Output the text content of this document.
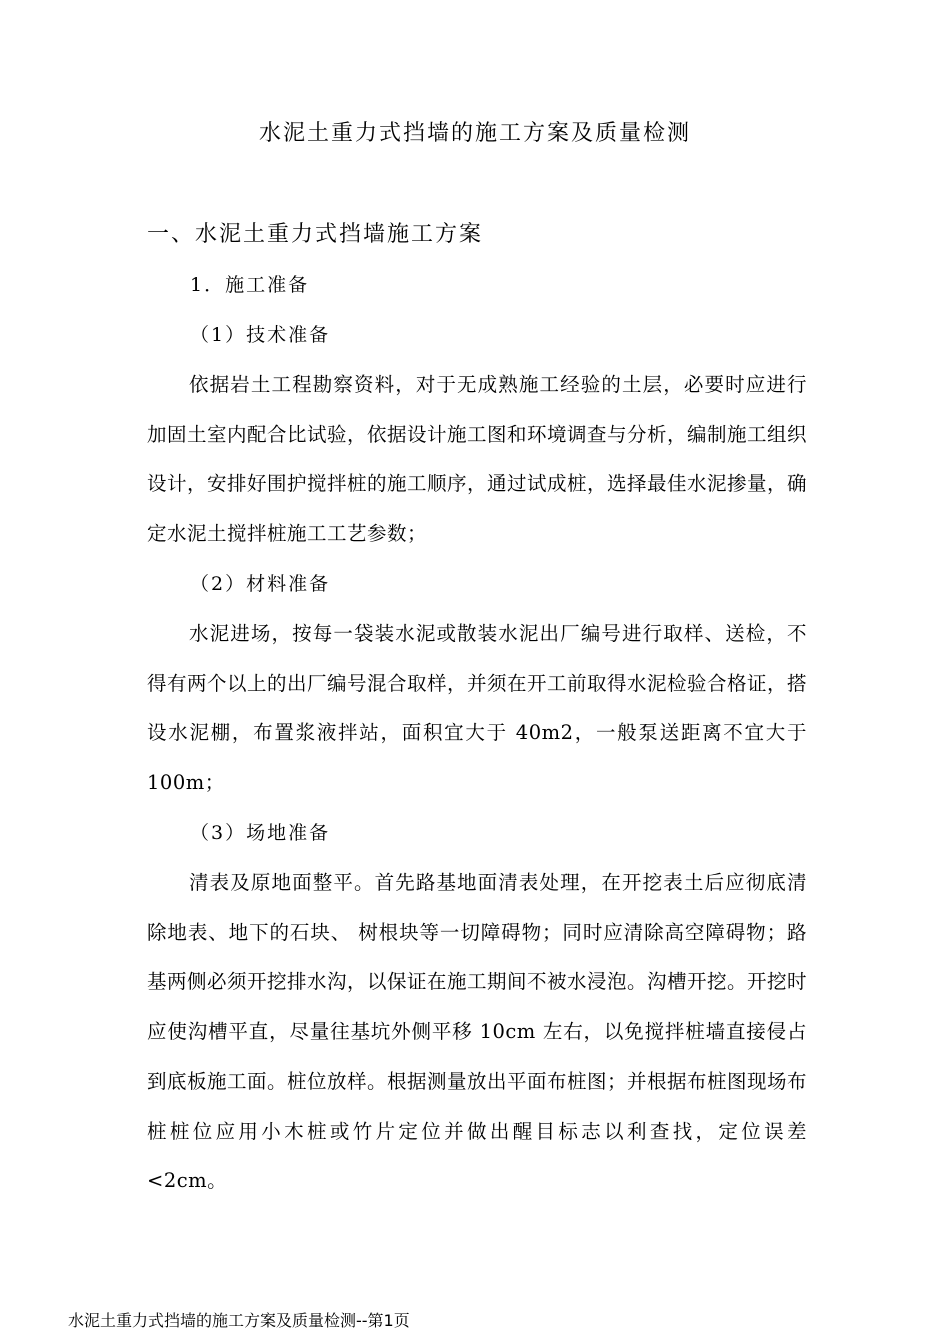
水泥土重力式挡墙的施工方案及质量检测
一、水泥土重力式挡墙施工方案
1．施工准备
（1）技术准备

依据岩土工程勘察资料，对于无成熟施工经验的土层，必要时应进行加固土室内配合比试验，依据设计施工图和环境调查与分析，编制施工组织设计，安排好围护搅拌桩的施工顺序，通过试成桩，选择最佳水泥掺量，确定水泥土搅拌桩施工工艺参数；

（2）材料准备

水泥进场，按每一袋装水泥或散装水泥出厂编号进行取样、送检，不得有两个以上的出厂编号混合取样，并须在开工前取得水泥检验合格证，搭设水泥棚，布置浆液拌站，面积宜大于 40m2，一般泵送距离不宜大于 100m；

（3）场地准备

清表及原地面整平。首先路基地面清表处理，在开挖表土后应彻底清除地表、地下的石块、 树根块等一切障碍物；同时应清除高空障碍物；路基两侧必须开挖排水沟，以保证在施工期间不被水浸泡。沟槽开挖。开挖时应使沟槽平直，尽量往基坑外侧平移 10cm 左右，以免搅拌桩墙直接侵占到底板施工面。桩位放样。根据测量放出平面布桩图；并根据布桩图现场布桩桩位应用小木桩或竹片定位并做出醒目标志以利查找，定位误差<2cm。

水泥土重力式挡墙的施工方案及质量检测--第1页
